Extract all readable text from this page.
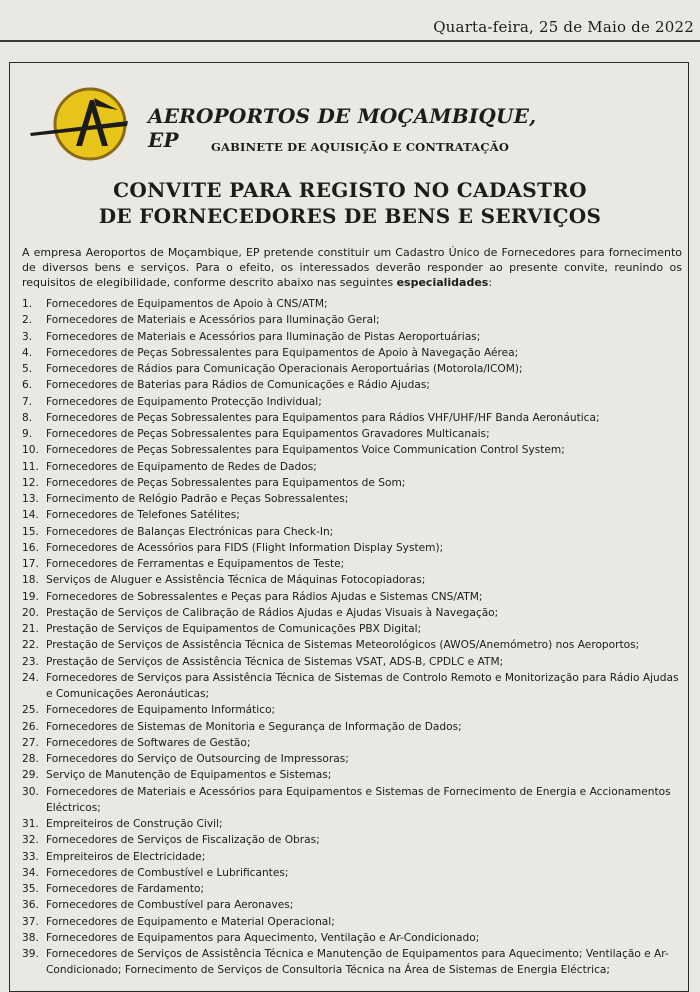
Quarta-feira, 25 de Maio de 2022
AEROPORTOS DE MOÇAMBIQUE, EP	GABINETE DE AQUISIÇÃO E CONTRATAÇÃO
CONVITE PARA REGISTO NO CADASTRO
DE FORNECEDORES DE BENS E SERVIÇOS
A empresa Aeroportos de Moçambique, EP pretende constituir um Cadastro Único de Fornecedores para fornecimento de diversos bens e serviços. Para o efeito, os interessados deverão responder ao presente convite, reunindo os requisitos de elegibilidade, conforme descrito abaixo nas seguintes especialidades:
1.	Fornecedores de Equipamentos de Apoio à CNS/ATM;
2.	Fornecedores de Materiais e Acessórios para Iluminação Geral;
3.	Fornecedores de Materiais e Acessórios para Iluminação de Pistas Aeroportuárias;
4.	Fornecedores de Peças Sobressalentes para Equipamentos de Apoio à Navegação Aérea;
5.	Fornecedores de Rádios para Comunicação Operacionais Aeroportuárias (Motorola/ICOM);
6.	Fornecedores de Baterias para Rádios de Comunicações e Rádio Ajudas;
7.	Fornecedores de Equipamento Protecção Individual;
8.	Fornecedores de Peças Sobressalentes para Equipamentos para Rádios VHF/UHF/HF Banda Aeronáutica;
9.	Fornecedores de Peças Sobressalentes para Equipamentos Gravadores Multicanais;
10. Fornecedores de Peças Sobressalentes para Equipamentos Voice Communication Control System;
11. Fornecedores de Equipamento de Redes de Dados;
12. Fornecedores de Peças Sobressalentes para Equipamentos de Som;
13. Fornecimento de Relógio Padrão e Peças Sobressalentes;
14. Fornecedores de Telefones Satélites;
15. Fornecedores de Balanças Electrónicas para Check-In;
16. Fornecedores de Acessórios para FIDS (Flight Information Display System);
17. Fornecedores de Ferramentas e Equipamentos de Teste;
18. Serviços de Aluguer e Assistência Técnica de Máquinas Fotocopiadoras;
19. Fornecedores de Sobressalentes e Peças para Rádios Ajudas e Sistemas CNS/ATM;
20. Prestação de Serviços de Calibração de Rádios Ajudas e Ajudas Visuais à Navegação;
21. Prestação de Serviços de Equipamentos de Comunicações PBX Digital;
22. Prestação de Serviços de Assistência Técnica de Sistemas Meteorológicos (AWOS/Anemómetro) nos Aeroportos;
23. Prestação de Serviços de Assistência Técnica de Sistemas VSAT, ADS-B, CPDLC e ATM;
24. Fornecedores de Serviços para Assistência Técnica de Sistemas de Controlo Remoto e Monitorização para Rádio Ajudas e Comunicações Aeronáuticas;
25. Fornecedores de Equipamento Informático;
26. Fornecedores de Sistemas de Monitoria e Segurança de Informação de Dados;
27. Fornecedores de Softwares de Gestão;
28. Fornecedores do Serviço de Outsourcing de Impressoras;
29. Serviço de Manutenção de Equipamentos e Sistemas;
30. Fornecedores de Materiais e Acessórios para Equipamentos e Sistemas de Fornecimento de Energia e Accionamentos Eléctricos;
31. Empreiteiros de Construção Civil;
32. Fornecedores de Serviços de Fiscalização de Obras;
33. Empreiteiros de Electricidade;
34. Fornecedores de Combustível e Lubrificantes;
35. Fornecedores de Fardamento;
36. Fornecedores de Combustível para Aeronaves;
37. Fornecedores de Equipamento e Material Operacional;
38. Fornecedores de Equipamentos para Aquecimento, Ventilação e Ar-Condicionado;
39. Fornecedores de Serviços de Assistência Técnica e Manutenção de Equipamentos para Aquecimento; Ventilação e Ar-Condicionado; Fornecimento de Serviços de Consultoria Técnica na Área de Sistemas de Energia Eléctrica;
